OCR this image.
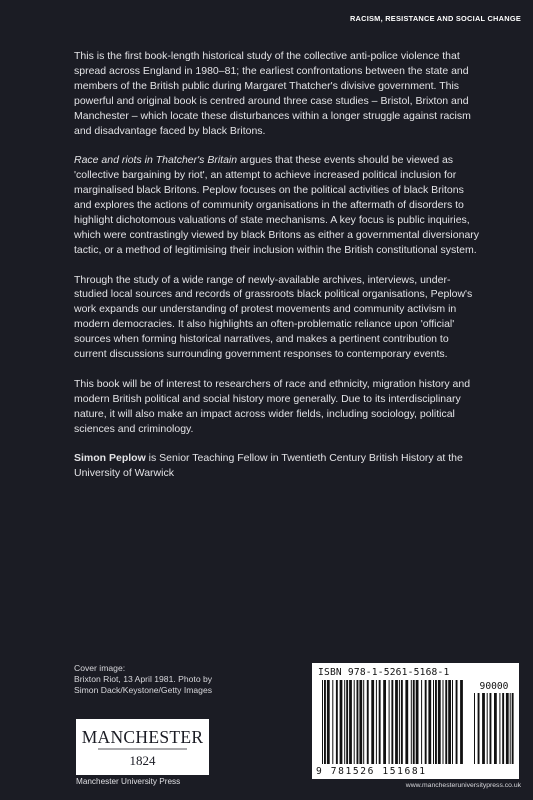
RACISM, RESISTANCE AND SOCIAL CHANGE

This is the first book-length historical study of the collective anti-police violence that spread across England in 1980–81; the earliest confrontations between the state and members of the British public during Margaret Thatcher's divisive government. This powerful and original book is centred around three case studies – Bristol, Brixton and Manchester – which locate these disturbances within a longer struggle against racism and disadvantage faced by black Britons.

Race and riots in Thatcher's Britain argues that these events should be viewed as 'collective bargaining by riot', an attempt to achieve increased political inclusion for marginalised black Britons. Peplow focuses on the political activities of black Britons and explores the actions of community organisations in the aftermath of disorders to highlight dichotomous valuations of state mechanisms. A key focus is public inquiries, which were contrastingly viewed by black Britons as either a governmental diversionary tactic, or a method of legitimising their inclusion within the British constitutional system.

Through the study of a wide range of newly-available archives, interviews, under-studied local sources and records of grassroots black political organisations, Peplow's work expands our understanding of protest movements and community activism in modern democracies. It also highlights an often-problematic reliance upon 'official' sources when forming historical narratives, and makes a pertinent contribution to current discussions surrounding government responses to contemporary events.

This book will be of interest to researchers of race and ethnicity, migration history and modern British political and social history more generally. Due to its interdisciplinary nature, it will also make an impact across wider fields, including sociology, political sciences and criminology.

Simon Peplow is Senior Teaching Fellow in Twentieth Century British History at the University of Warwick

Cover image:
Brixton Riot, 13 April 1981. Photo by
Simon Dack/Keystone/Getty Images
MANCHESTER
1824
Manchester University Press
ISBN 978-1-5261-5168-1
90000
9 781526 151681
www.manchesteruniversitypress.co.uk
